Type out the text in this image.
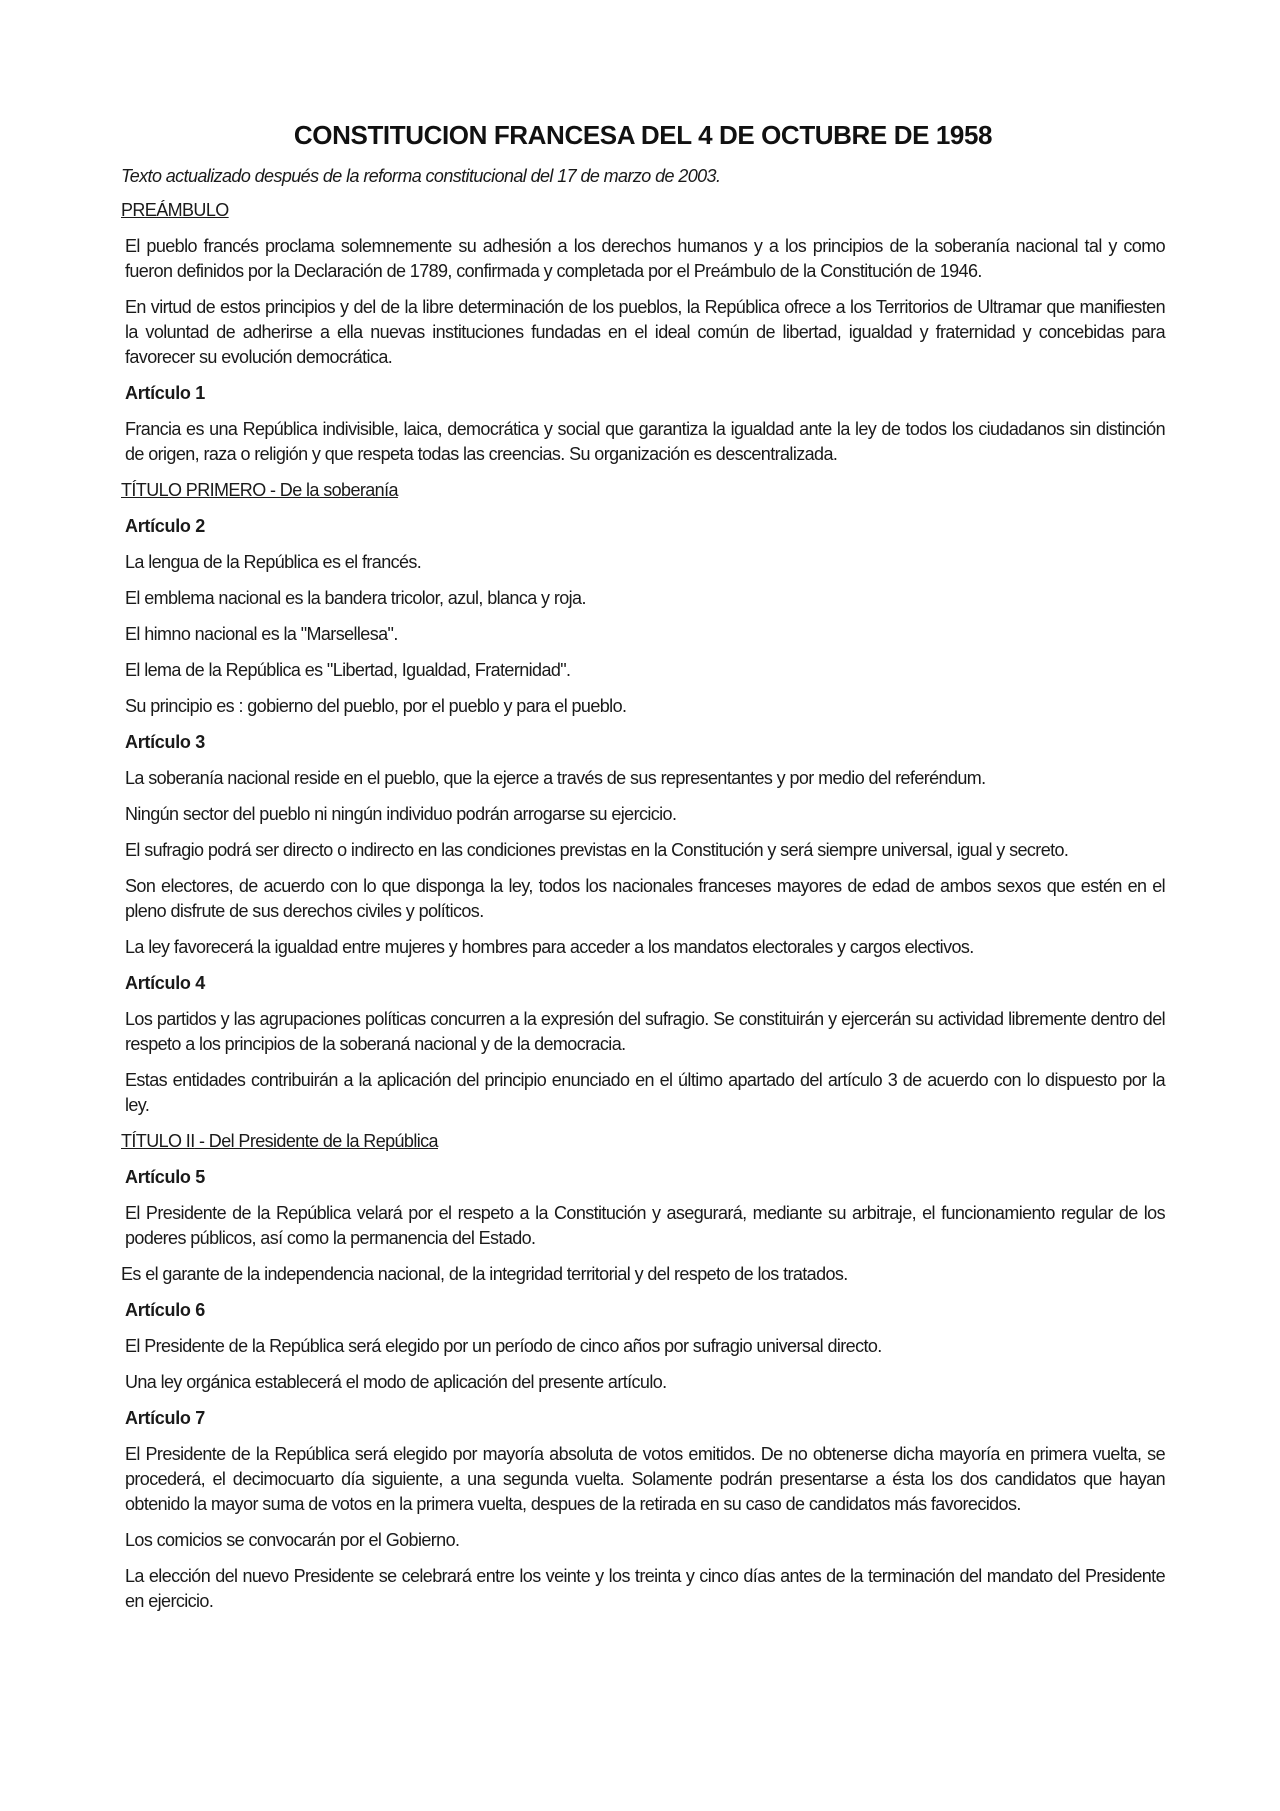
CONSTITUCION FRANCESA DEL 4 DE OCTUBRE DE 1958
Texto actualizado después de la reforma constitucional del 17 de marzo de 2003.
PREÁMBULO
El pueblo francés proclama solemnemente su adhesión a los derechos humanos y a los principios de la soberanía nacional tal y como fueron definidos por la Declaración de 1789, confirmada y completada por el Preámbulo de la Constitución de 1946.
En virtud de estos principios y del de la libre determinación de los pueblos, la República ofrece a los Territorios de Ultramar que manifiesten la voluntad de adherirse a ella nuevas instituciones fundadas en el ideal común de libertad, igualdad y fraternidad y concebidas para favorecer su evolución democrática.
Artículo 1
Francia es una República indivisible, laica, democrática y social que garantiza la igualdad ante la ley de todos los ciudadanos sin distinción de origen, raza o religión y que respeta todas las creencias. Su organización es descentralizada.
TÍTULO PRIMERO - De la soberanía
Artículo 2
La lengua de la República es el francés.
El emblema nacional es la bandera tricolor, azul, blanca y roja.
El himno nacional es la "Marsellesa".
El lema de la República es "Libertad, Igualdad, Fraternidad".
Su principio es : gobierno del pueblo, por el pueblo y para el pueblo.
Artículo 3
La soberanía nacional reside en el pueblo, que la ejerce a través de sus representantes y por medio del referéndum.
Ningún sector del pueblo ni ningún individuo podrán arrogarse su ejercicio.
El sufragio podrá ser directo o indirecto en las condiciones previstas en la Constitución y será siempre universal, igual y secreto.
Son electores, de acuerdo con lo que disponga la ley, todos los nacionales franceses mayores de edad de ambos sexos que estén en el pleno disfrute de sus derechos civiles y políticos.
La ley favorecerá la igualdad entre mujeres y hombres para acceder a los mandatos electorales y cargos electivos.
Artículo 4
Los partidos y las agrupaciones políticas concurren a la expresión del sufragio. Se constituirán y ejercerán su actividad libremente dentro del respeto a los principios de la soberaná nacional y de la democracia.
Estas entidades contribuirán a la aplicación del principio enunciado en el último apartado del artículo 3 de acuerdo con lo dispuesto por la ley.
TÍTULO II - Del Presidente de la República
Artículo 5
El Presidente de la República velará por el respeto a la Constitución y asegurará, mediante su arbitraje, el funcionamiento regular de los poderes públicos, así como la permanencia del Estado.
Es el garante de la independencia nacional, de la integridad territorial y del respeto de los tratados.
Artículo 6
El Presidente de la República será elegido por un período de cinco años por sufragio universal directo.
Una ley orgánica establecerá el modo de aplicación del presente artículo.
Artículo 7
El Presidente de la República será elegido por mayoría absoluta de votos emitidos. De no obtenerse dicha mayoría en primera vuelta, se procederá, el decimocuarto día siguiente, a una segunda vuelta. Solamente podrán presentarse a ésta los dos candidatos que hayan obtenido la mayor suma de votos en la primera vuelta, despues de la retirada en su caso de candidatos más favorecidos.
Los comicios se convocarán por el Gobierno.
La elección del nuevo Presidente se celebrará entre los veinte y los treinta y cinco días antes de la terminación del mandato del Presidente en ejercicio.
